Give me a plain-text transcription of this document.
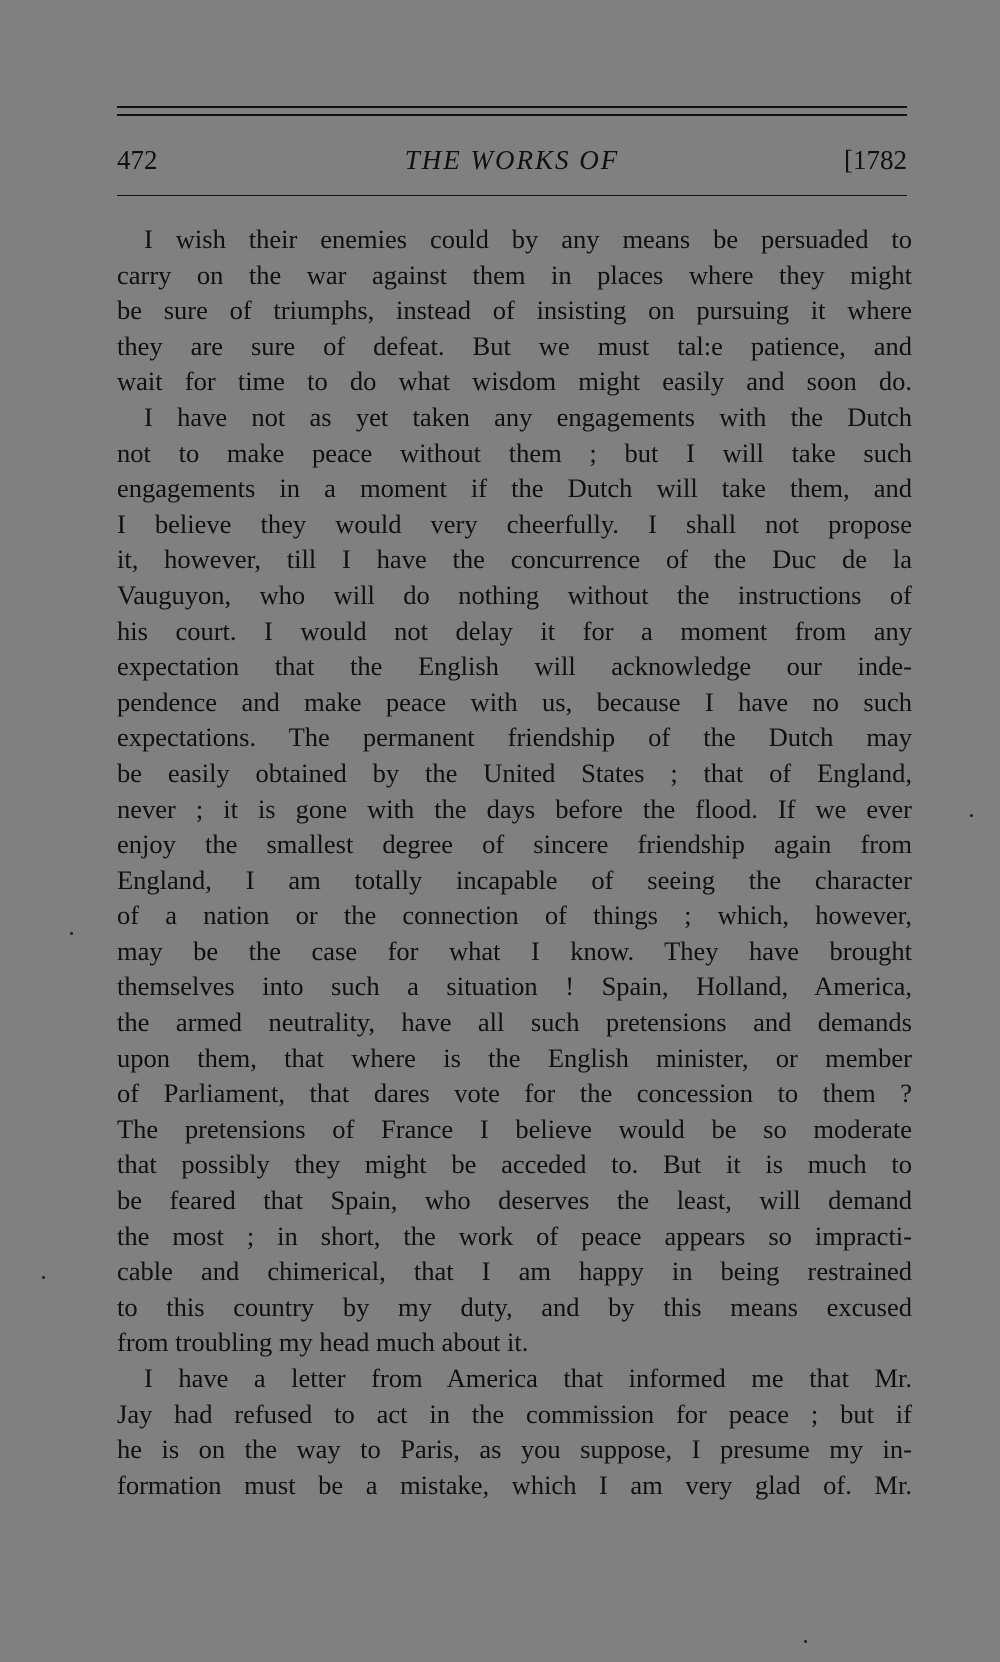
472	THE WORKS OF	[1782
I wish their enemies could by any means be persuaded to
carry on the war against them in places where they might
be sure of triumphs, instead of insisting on pursuing it where
they are sure of defeat. But we must tal:e patience, and
wait for time to do what wisdom might easily and soon do.
I have not as yet taken any engagements with the Dutch
not to make peace without them ; but I will take such
engagements in a moment if the Dutch will take them, and
I believe they would very cheerfully. I shall not propose
it, however, till I have the concurrence of the Duc de la
Vauguyon, who will do nothing without the instructions of
his court. I would not delay it for a moment from any
expectation that the English will acknowledge our inde-
pendence and make peace with us, because I have no such
expectations. The permanent friendship of the Dutch may
be easily obtained by the United States ; that of England,
never ; it is gone with the days before the flood. If we ever
enjoy the smallest degree of sincere friendship again from
England, I am totally incapable of seeing the character
of a nation or the connection of things ; which, however,
may be the case for what I know. They have brought
themselves into such a situation ! Spain, Holland, America,
the armed neutrality, have all such pretensions and demands
upon them, that where is the English minister, or member
of Parliament, that dares vote for the concession to them ?
The pretensions of France I believe would be so moderate
that possibly they might be acceded to. But it is much to
be feared that Spain, who deserves the least, will demand
the most ; in short, the work of peace appears so impracti-
cable and chimerical, that I am happy in being restrained
to this country by my duty, and by this means excused
from troubling my head much about it.
I have a letter from America that informed me that Mr.
Jay had refused to act in the commission for peace ; but if
he is on the way to Paris, as you suppose, I presume my in-
formation must be a mistake, which I am very glad of. Mr.
